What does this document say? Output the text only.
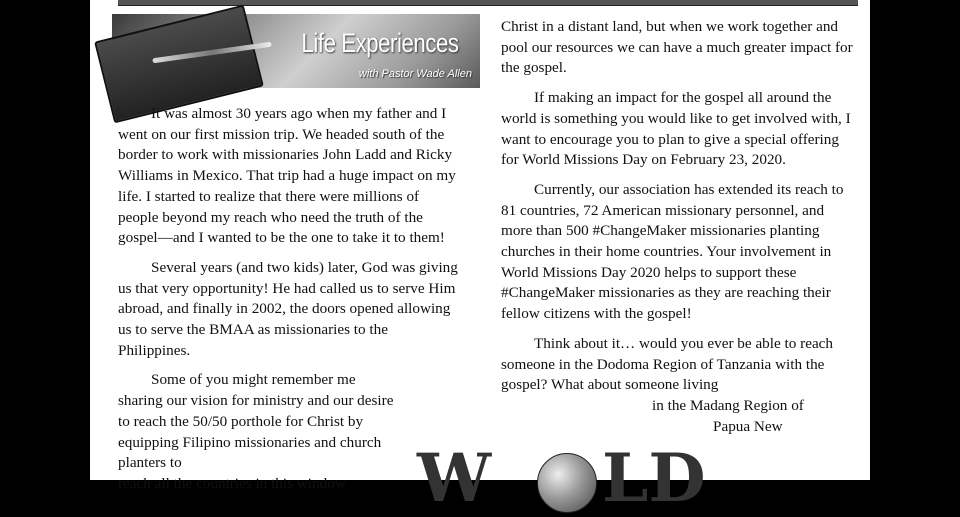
Life Experiences
with Pastor Wade Allen

It was almost 30 years ago when my father and I went on our first mission trip. We headed south of the border to work with missionaries John Ladd and Ricky Williams in Mexico. That trip had a huge impact on my life. I started to realize that there were millions of people beyond my reach who need the truth of the gospel—and I wanted to be the one to take it to them!

Several years (and two kids) later, God was giving us that very opportunity! He had called us to serve Him abroad, and finally in 2002, the doors opened allowing us to serve the BMAA as missionaries to the Philippines.

Some of you might remember me sharing our vision for ministry and our desire to reach the 50/50 porthole for Christ by equipping Filipino missionaries and church planters to

reach all the countries in this window

Christ in a distant land, but when we work together and pool our resources we can have a much greater impact for the gospel.

If making an impact for the gospel all around the world is something you would like to get involved with, I want to encourage you to plan to give a special offering for World Missions Day on February 23, 2020.

Currently, our association has extended its reach to 81 countries, 72 American missionary personnel, and more than 500 #ChangeMaker missionaries planting churches in their home countries. Your involvement in World Missions Day 2020 helps to support these #ChangeMaker missionaries as they are reaching their fellow citizens with the gospel!

Think about it… would you ever be able to reach someone in the Dodoma Region of Tanzania with the gospel? What about someone living

in the Madang Region of

Papua New

W LD
